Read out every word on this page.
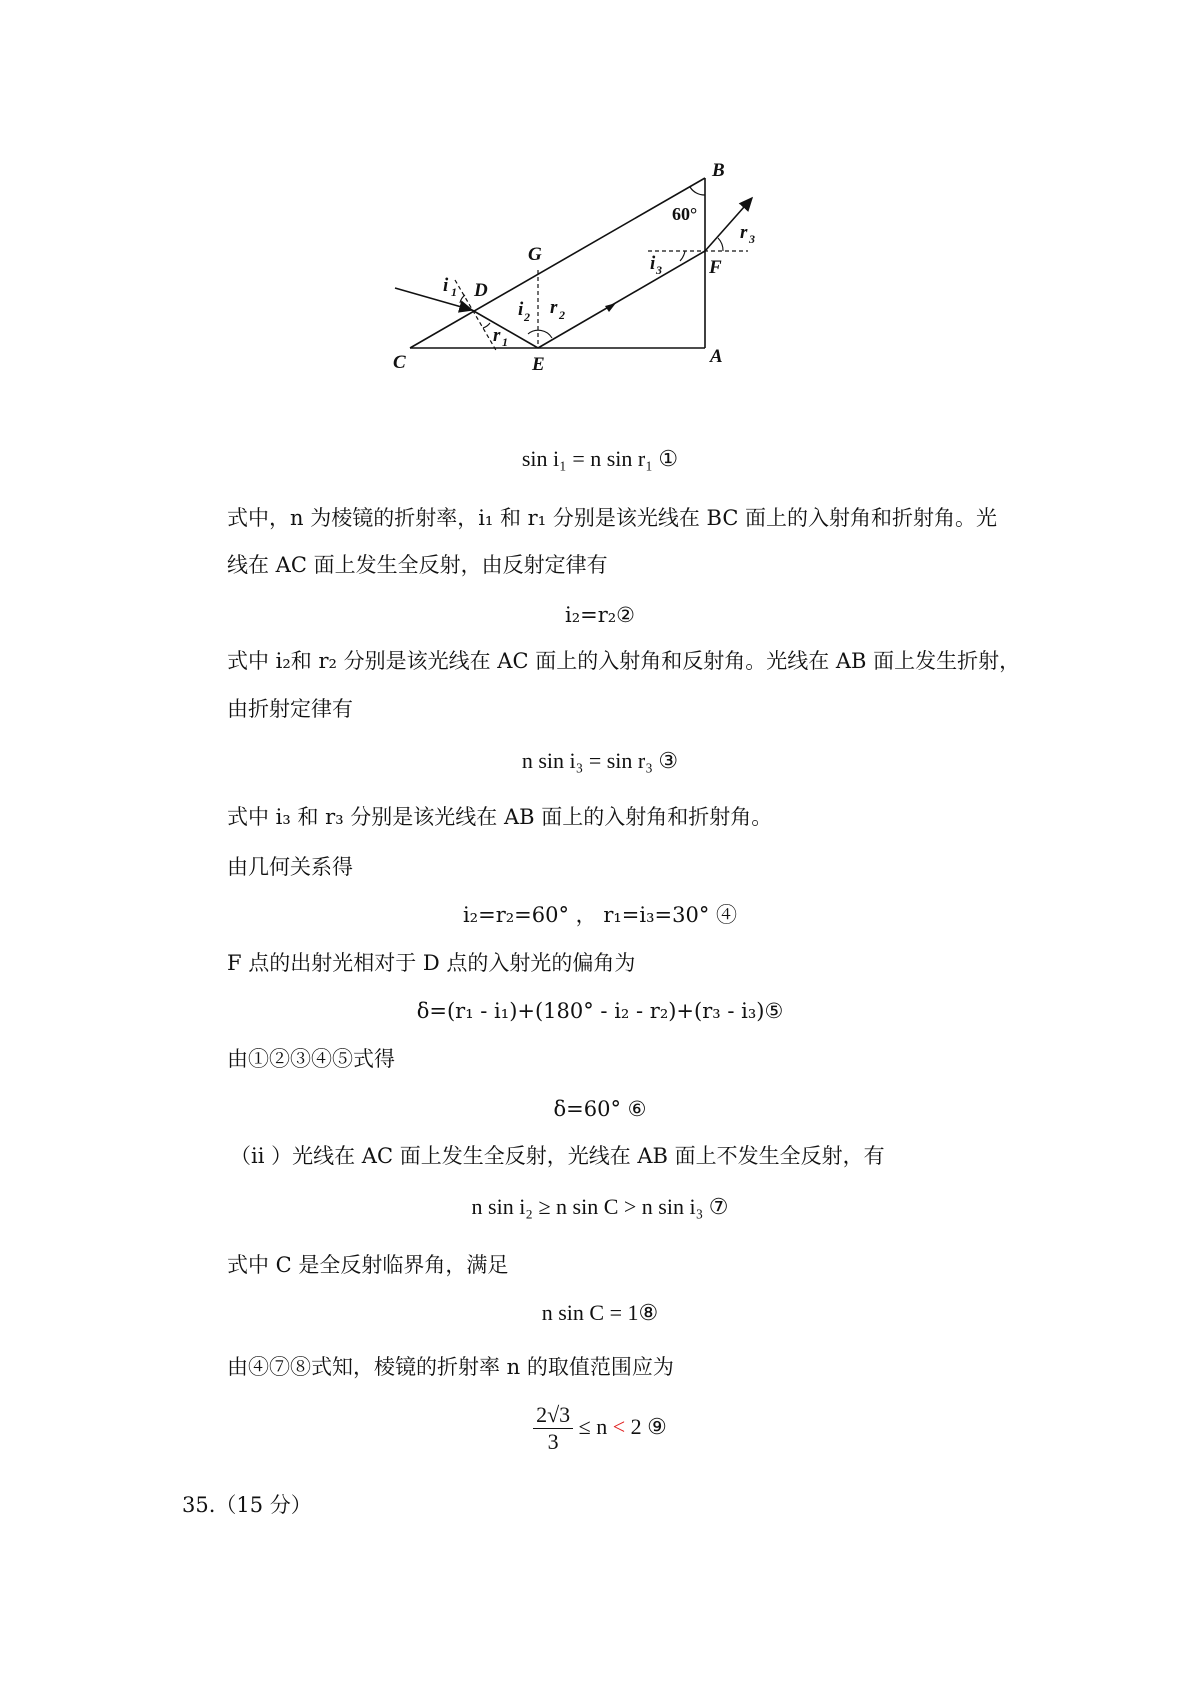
B
60°
G
D
C	E	A
F
i 1
r 1
i 2 r 2
i 3
r 3
sin i₁ = n sin r₁ ①
式中，n 为棱镜的折射率，i₁ 和 r₁ 分别是该光线在 BC 面上的入射角和折射角。光
线在 AC 面上发生全反射，由反射定律有
i₂=r₂②
式中 i₂和 r₂ 分别是该光线在 AC 面上的入射角和反射角。光线在 AB 面上发生折射，
由折射定律有
n sin i₃ = sin r₃ ③
式中 i₃ 和 r₃ 分别是该光线在 AB 面上的入射角和折射角。
由几何关系得
i₂=r₂=60° ， r₁=i₃=30° ④
F 点的出射光相对于 D 点的入射光的偏角为
δ=(r₁ - i₁)+(180° - i₂ - r₂)+(r₃ - i₃)⑤
由①②③④⑤式得
δ=60° ⑥
（ii ）光线在 AC 面上发生全反射，光线在 AB 面上不发生全反射，有
n sin i₂ ≥ n sin C > n sin i₃ ⑦
式中 C 是全反射临界角，满足
n sin C = 1⑧
由④⑦⑧式知，棱镜的折射率 n 的取值范围应为
$\frac{2√3}{3} \le n < 2$ ⑨
35.（15 分）
